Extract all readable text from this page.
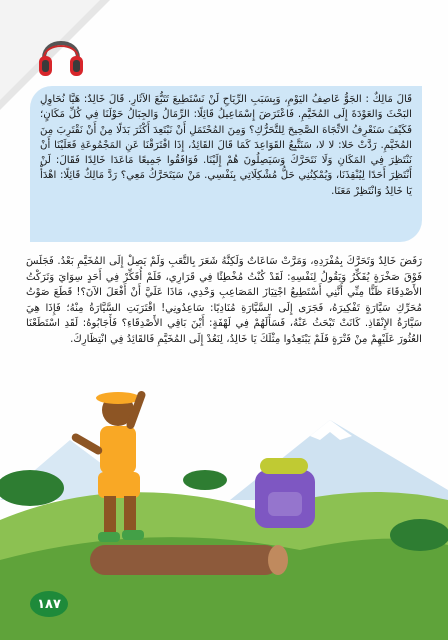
قَالَ مَالِكٌ : الجَوُّ عَاصِفُ اليَوْمِ، وَبِسَبَبِ الرِّيَاحِ لَنْ نَسْتَطِيعَ تَتَبُّعَ الآثَارِ. قَالَ خَالِدٌ: هَيَّا نُحَاوِلِ البَحْثَ وَالعَوْدَةَ إِلَى المُخَيَّمِ. فَاعْتَرَضَ إِسْمَاعِيلُ قَائِلًا: الرِّمَالُ وَالجِبَالُ حَوْلَنَا فِي كُلِّ مَكَانٍ؛ فَكَيْفَ سَنَعْرِفُ الاتِّجَاهَ الصَّحِيحَ لِلتَّحَرُّكِ؟ وَمِنَ المُحْتَمَلِ أَنْ نَبْتَعِدَ أَكْثَرَ بَدَلًا مِنْ أَنْ نَقْتَرِبَ مِنَ المُخَيَّمِ. رَدَّتْ حَلا: لا لا، سَنَتَّبِعُ القَوَاعِدَ كَمَا قَالَ القَائِدُ، إِذَا افْتَرَقْنَا عَنِ المَجْمُوعَةِ فَعَلَيْنَا أَنْ نَنْتَظِرَ فِي المَكَانِ وَلَا نَتَحَرَّكَ وَسَيَصِلُونَ هُمْ إِلَيْنَا. فَوَافَقُوا جَمِيعًا مَاعَدَا خَالِدًا فَقَالَ: لَنْ أَنْتَظِرَ أَحَدًا لِيُنْقِذَنَا، وَيُمْكِنُنِي حَلُّ مُشْكِلَاتِي بِنَفْسِي. مَنْ سَيَتَحَرَّكُ مَعِي؟ رَدَّ مَالِكٌ قَائِلًا: اهْدَأْ يَا خَالِدُ وَانْتَظِرْ مَعَنَا.

رَفَضَ خَالِدٌ وَتَحَرَّكَ بِمُفْرَدِهِ، وَمَرَّتْ سَاعَاتٌ وَلَكِنَّهُ شَعَرَ بِالتَّعَبِ وَلَمْ يَصِلْ إِلَى المُخَيَّمِ بَعْدُ. فَجَلَسَ فَوْقَ صَخْرَةٍ يُفَكِّرُ وَيَقُولُ لِنَفْسِهِ: لَقَدْ كُنْتُ مُخْطِئًا فِي قَرَارِي، فَلَمْ أُفَكِّرْ فِي أَحَدٍ سِوَايَ وَتَرَكْتُ الأَصْدِقَاءَ ظَنًّا مِنِّي أَنَّنِي أَسْتَطِيعُ اجْتِيَازَ المَصَاعِبِ وَحْدِي، مَاذَا عَلَيَّ أَنْ أَفْعَلَ الآنَ؟! قَطَعَ صَوْتُ مُحَرِّكِ سَيَّارَةٍ تَفْكِيرَهُ، فَجَرَى إِلَى السَّيَّارَةِ مُنَادِيًا: سَاعِدُونِي! اقْتَرَبَتِ السَّيَّارَةُ مِنْهُ؛ فَإِذَا هِيَ سَيَّارَةُ الإِنْقَاذِ. كَانَتْ تَبْحَثُ عَنْهُ، فَسَأَلَهُمْ فِي لَهْفَةٍ: أَيْنَ بَاقِي الأَصْدِقَاءِ؟ فَأَجَابُوهُ: لَقَدِ اسْتَطَعْنَا العُثُورَ عَلَيْهِمْ مِنْ فَتْرَةٍ فَلَمْ يَبْتَعِدُوا مِثْلَكَ يَا خَالِدُ، لِنَعُدْ إِلَى المُخَيَّمِ فَالقَائِدُ فِي انْتِظَارِكَ.

١٨٧
